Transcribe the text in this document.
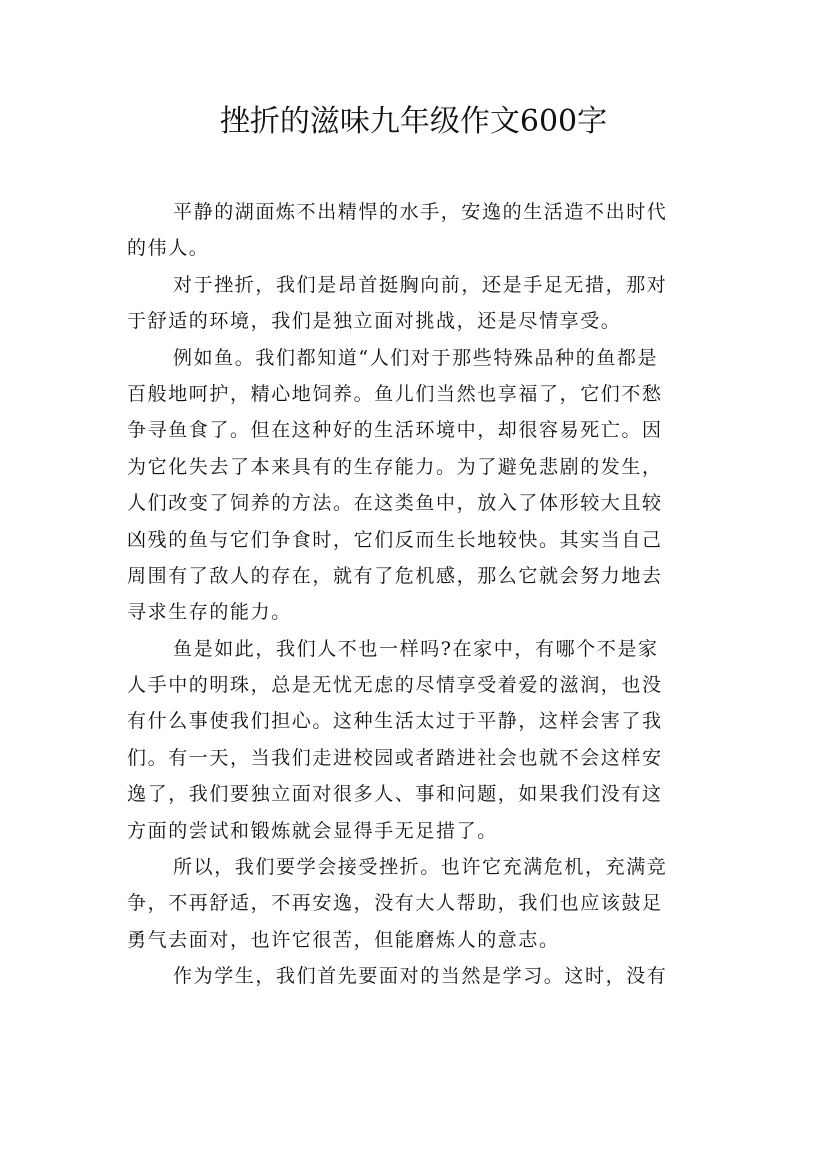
挫折的滋味九年级作文600字

平静的湖面炼不出精悍的水手，安逸的生活造不出时代
的伟人。

对于挫折，我们是昂首挺胸向前，还是手足无措，那对
于舒适的环境，我们是独立面对挑战，还是尽情享受。

例如鱼。我们都知道“人们对于那些特殊品种的鱼都是
百般地呵护，精心地饲养。鱼儿们当然也享福了，它们不愁
争寻鱼食了。但在这种好的生活环境中，却很容易死亡。因
为它化失去了本来具有的生存能力。为了避免悲剧的发生，
人们改变了饲养的方法。在这类鱼中，放入了体形较大且较
凶残的鱼与它们争食时，它们反而生长地较快。其实当自己
周围有了敌人的存在，就有了危机感，那么它就会努力地去
寻求生存的能力。

鱼是如此，我们人不也一样吗?在家中，有哪个不是家
人手中的明珠，总是无忧无虑的尽情享受着爱的滋润，也没
有什么事使我们担心。这种生活太过于平静，这样会害了我
们。有一天，当我们走进校园或者踏进社会也就不会这样安
逸了，我们要独立面对很多人、事和问题，如果我们没有这
方面的尝试和锻炼就会显得手无足措了。

所以，我们要学会接受挫折。也许它充满危机，充满竞
争，不再舒适，不再安逸，没有大人帮助，我们也应该鼓足
勇气去面对，也许它很苦，但能磨炼人的意志。

作为学生，我们首先要面对的当然是学习。这时，没有
